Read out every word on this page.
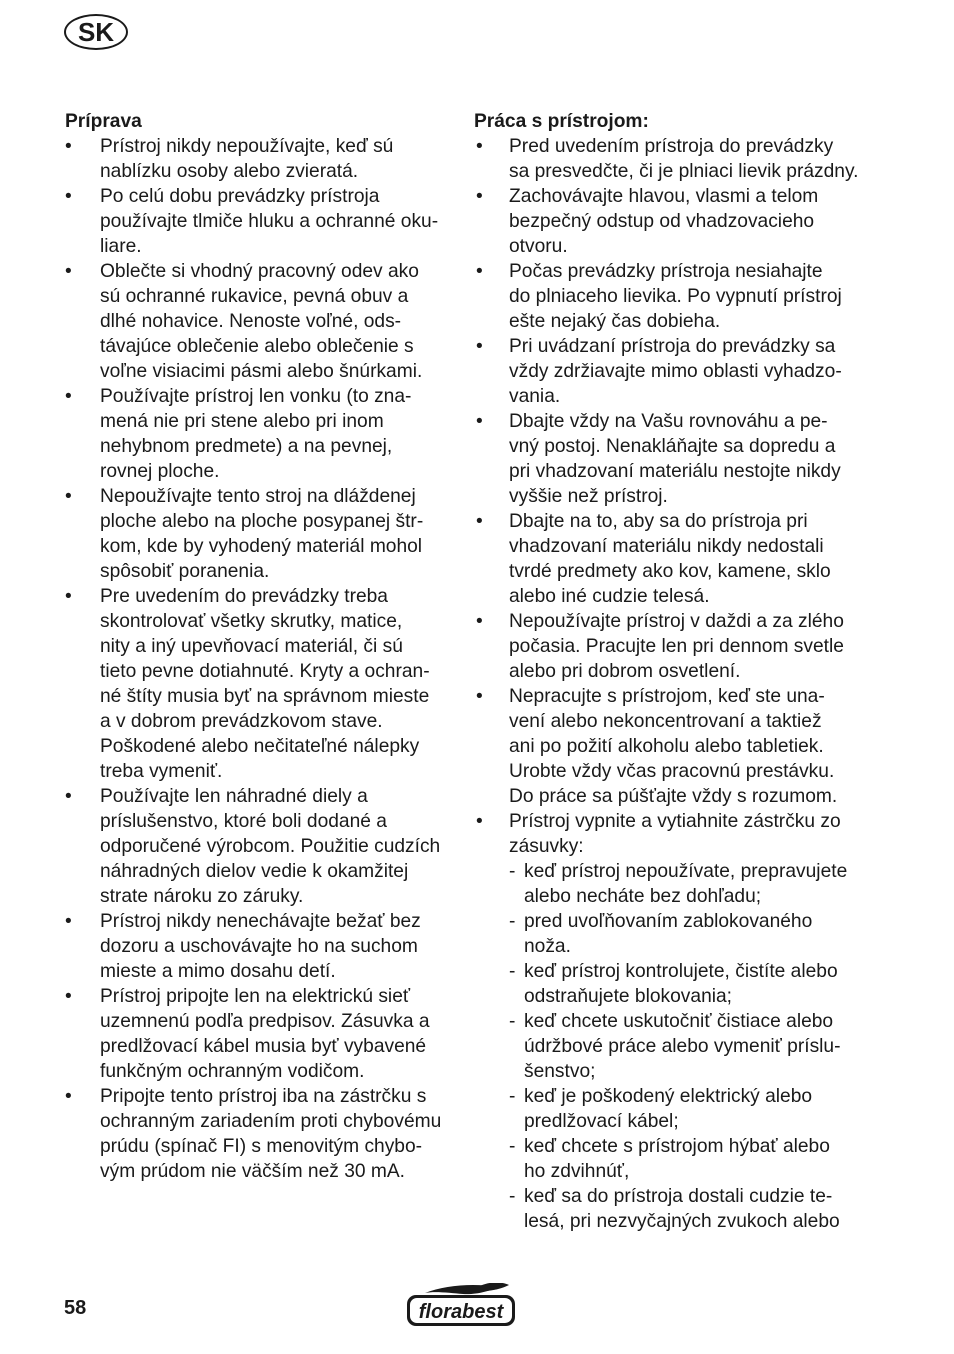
SK
Príprava
• Prístroj nikdy nepoužívajte, keď sú
nablízku osoby alebo zvieratá.
• Po celú dobu prevádzky prístroja
používajte tlmiče hluku a ochranné oku-
liare.
• Oblečte si vhodný pracovný odev ako
sú ochranné rukavice, pevná obuv a
dlhé nohavice. Nenoste voľné, ods-
távajúce oblečenie alebo oblečenie s
voľne visiacimi pásmi alebo šnúrkami.
• Používajte prístroj len vonku (to zna-
mená nie pri stene alebo pri inom
nehybnom predmete) a na pevnej,
rovnej ploche.
• Nepoužívajte tento stroj na dláždenej
ploche alebo na ploche posypanej štr-
kom, kde by vyhodený materiál mohol
spôsobiť poranenia.
• Pre uvedením do prevádzky treba
skontrolovať všetky skrutky, matice,
nity a iný upevňovací materiál, či sú
tieto pevne dotiahnuté. Kryty a ochran-
né štíty musia byť na správnom mieste
a v dobrom prevádzkovom stave.
Poškodené alebo nečitateľné nálepky
treba vymeniť.
• Používajte len náhradné diely a
príslušenstvo, ktoré boli dodané a
odporučené výrobcom. Použitie cudzích
náhradných dielov vedie k okamžitej
strate nároku zo záruky.
• Prístroj nikdy nenechávajte bežať bez
dozoru a uschovávajte ho na suchom
mieste a mimo dosahu detí.
• Prístroj pripojte len na elektrickú sieť
uzemnenú podľa predpisov. Zásuvka a
predlžovací kábel musia byť vybavené
funkčným ochranným vodičom.
• Pripojte tento prístroj iba na zástrčku s
ochranným zariadením proti chybovému
prúdu (spínač FI) s menovitým chybo-
vým prúdom nie väčším než 30 mA.
Práca s prístrojom:
• Pred uvedením prístroja do prevádzky
sa presvedčte, či je plniaci lievik prázdny.
• Zachovávajte hlavou, vlasmi a telom
bezpečný odstup od vhadzovacieho
otvoru.
• Počas prevádzky prístroja nesiahajte
do plniaceho lievika. Po vypnutí prístroj
ešte nejaký čas dobieha.
• Pri uvádzaní prístroja do prevádzky sa
vždy zdržiavajte mimo oblasti vyhadzo-
vania.
• Dbajte vždy na Vašu rovnováhu a pe-
vný postoj. Nenakláňajte sa dopredu a
pri vhadzovaní materiálu nestojte nikdy
vyššie než prístroj.
• Dbajte na to, aby sa do prístroja pri
vhadzovaní materiálu nikdy nedostali
tvrdé predmety ako kov, kamene, sklo
alebo iné cudzie telesá.
• Nepoužívajte prístroj v daždi a za zlého
počasia. Pracujte len pri dennom svetle
alebo pri dobrom osvetlení.
• Nepracujte s prístrojom, keď ste una-
vení alebo nekoncentrovaní a taktiež
ani po požití alkoholu alebo tabletiek.
Urobte vždy včas pracovnú prestávku.
Do práce sa púšťajte vždy s rozumom.
• Prístroj vypnite a vytiahnite zástrčku zo
zásuvky:
- keď prístroj nepoužívate, prepravujete
alebo necháte bez dohľadu;
- pred uvoľňovaním zablokovaného
noža.
- keď prístroj kontrolujete, čistíte alebo
odstraňujete blokovania;
- keď chcete uskutočniť čistiace alebo
údržbové práce alebo vymeniť príslu-
šenstvo;
- keď je poškodený elektrický alebo
predlžovací kábel;
- keď chcete s prístrojom hýbať alebo
ho zdvihnúť,
- keď sa do prístroja dostali cudzie te-
lesá, pri nezvyčajných zvukoch alebo
58	florabest
